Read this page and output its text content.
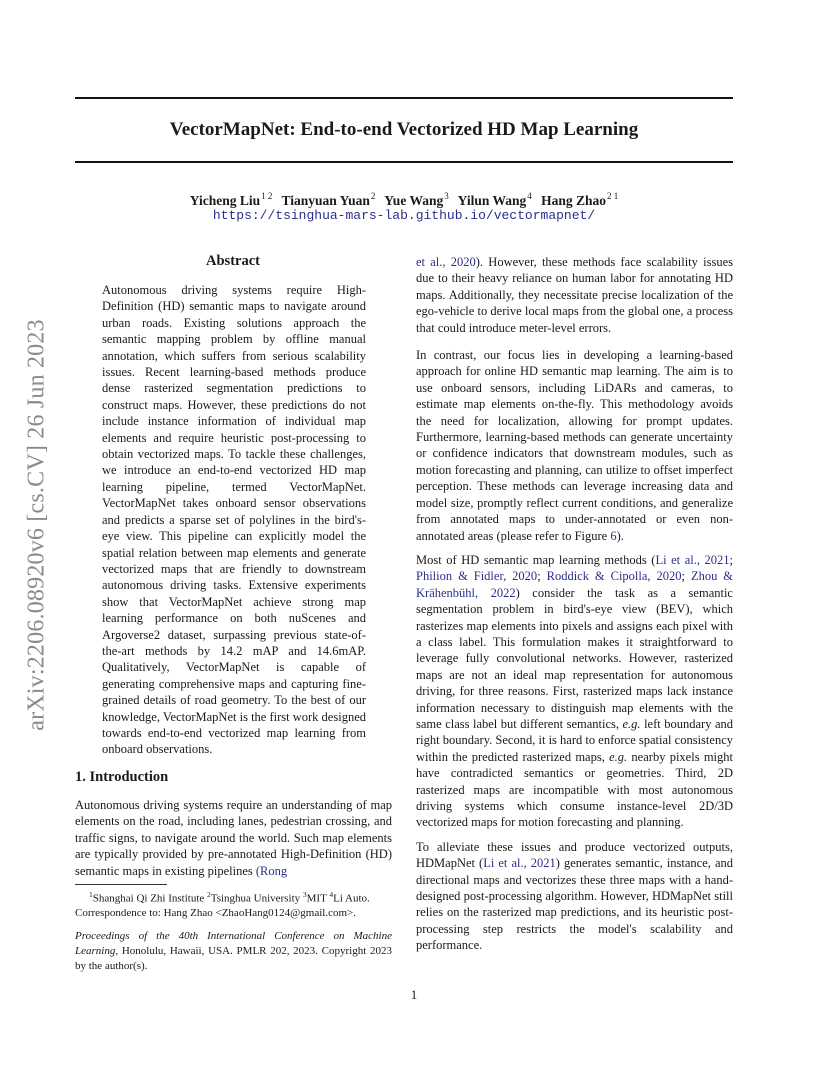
VectorMapNet: End-to-end Vectorized HD Map Learning
Yicheng Liu$^{1 2}$ Tianyuan Yuan$^2$ Yue Wang$^3$ Yilun Wang$^4$ Hang Zhao$^{2 1}$
https://tsinghua-mars-lab.github.io/vectormapnet/
arXiv:2206.08920v6 [cs.CV] 26 Jun 2023
Abstract
Autonomous driving systems require High-Definition (HD) semantic maps to navigate around urban roads. Existing solutions approach the semantic mapping problem by offline manual annotation, which suffers from serious scalability issues. Recent learning-based methods produce dense rasterized segmentation predictions to construct maps. However, these predictions do not include instance information of individual map elements and require heuristic post-processing to obtain vectorized maps. To tackle these challenges, we introduce an end-to-end vectorized HD map learning pipeline, termed VectorMapNet. VectorMapNet takes onboard sensor observations and predicts a sparse set of polylines in the bird's-eye view. This pipeline can explicitly model the spatial relation between map elements and generate vectorized maps that are friendly to downstream autonomous driving tasks. Extensive experiments show that VectorMapNet achieve strong map learning performance on both nuScenes and Argoverse2 dataset, surpassing previous state-of-the-art methods by 14.2 mAP and 14.6mAP. Qualitatively, VectorMapNet is capable of generating comprehensive maps and capturing fine-grained details of road geometry. To the best of our knowledge, VectorMapNet is the first work designed towards end-to-end vectorized map learning from onboard observations.
1. Introduction
Autonomous driving systems require an understanding of map elements on the road, including lanes, pedestrian crossing, and traffic signs, to navigate around the world. Such map elements are typically provided by pre-annotated High-Definition (HD) semantic maps in existing pipelines (Rong
$^1$Shanghai Qi Zhi Institute $^2$Tsinghua University $^3$MIT $^4$Li Auto. Correspondence to: Hang Zhao <ZhaoHang0124@gmail.com>.
Proceedings of the 40th International Conference on Machine Learning, Honolulu, Hawaii, USA. PMLR 202, 2023. Copyright 2023 by the author(s).

et al., 2020). However, these methods face scalability issues due to their heavy reliance on human labor for annotating HD maps. Additionally, they necessitate precise localization of the ego-vehicle to derive local maps from the global one, a process that could introduce meter-level errors.

In contrast, our focus lies in developing a learning-based approach for online HD semantic map learning. The aim is to use onboard sensors, including LiDARs and cameras, to estimate map elements on-the-fly. This methodology avoids the need for localization, allowing for prompt updates. Furthermore, learning-based methods can generate uncertainty or confidence indicators that downstream modules, such as motion forecasting and planning, can utilize to offset imperfect perception. These methods can leverage increasing data and model size, promptly reflect current conditions, and generalize from annotated maps to under-annotated or even non-annotated areas (please refer to Figure 6).

Most of HD semantic map learning methods (Li et al., 2021; Philion & Fidler, 2020; Roddick & Cipolla, 2020; Zhou & Krähenbühl, 2022) consider the task as a semantic segmentation problem in bird's-eye view (BEV), which rasterizes map elements into pixels and assigns each pixel with a class label. This formulation makes it straightforward to leverage fully convolutional networks. However, rasterized maps are not an ideal map representation for autonomous driving, for three reasons. First, rasterized maps lack instance information necessary to distinguish map elements with the same class label but different semantics, e.g. left boundary and right boundary. Second, it is hard to enforce spatial consistency within the predicted rasterized maps, e.g. nearby pixels might have contradicted semantics or geometries. Third, 2D rasterized maps are incompatible with most autonomous driving systems which consume instance-level 2D/3D vectorized maps for motion forecasting and planning.

To alleviate these issues and produce vectorized outputs, HDMapNet (Li et al., 2021) generates semantic, instance, and directional maps and vectorizes these three maps with a hand-designed post-processing algorithm. However, HDMapNet still relies on the rasterized map predictions, and its heuristic post-processing step restricts the model's scalability and performance.

1
